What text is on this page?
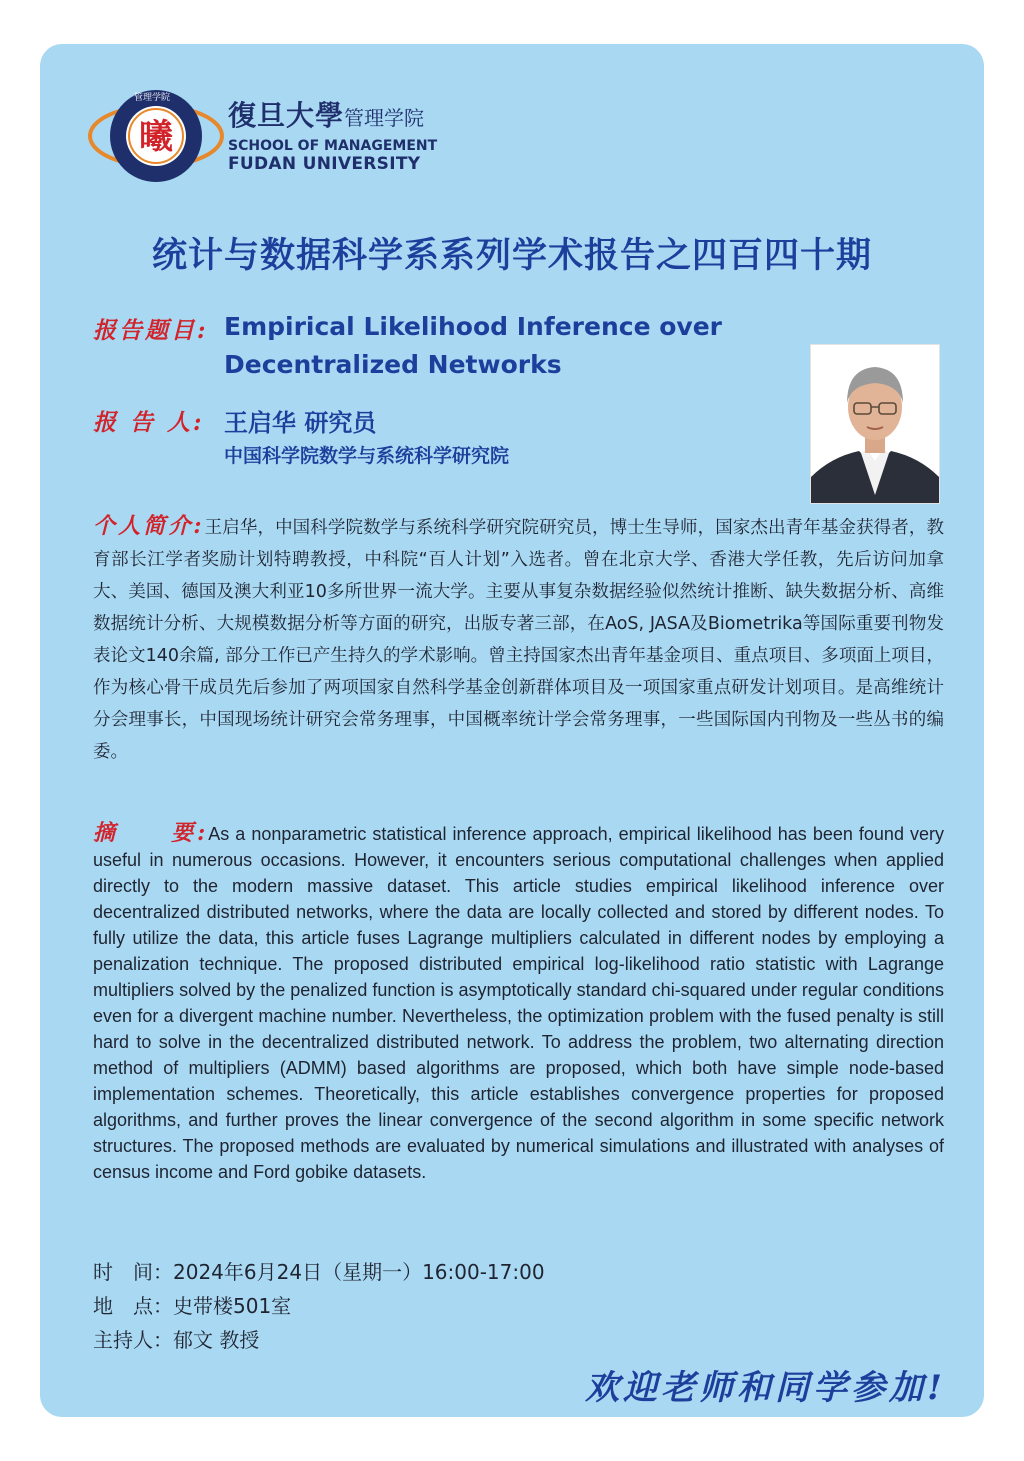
曦
管理学院
復旦大學管理学院
SCHOOL OF MANAGEMENT
FUDAN UNIVERSITY
统计与数据科学系系列学术报告之四百四十期
报告题目: Empirical Likelihood Inference over Decentralized Networks
报 告 人: 王启华 研究员
中国科学院数学与系统科学研究院
个人简介:王启华，中国科学院数学与系统科学研究院研究员，博士生导师，国家杰出青年基金获得者，教育部长江学者奖励计划特聘教授，中科院“百人计划”入选者。曾在北京大学、香港大学任教，先后访问加拿大、美国、德国及澳大利亚10多所世界一流大学。主要从事复杂数据经验似然统计推断、缺失数据分析、高维数据统计分析、大规模数据分析等方面的研究，出版专著三部，在AoS, JASA及Biometrika等国际重要刊物发表论文140余篇, 部分工作已产生持久的学术影响。曾主持国家杰出青年基金项目、重点项目、多项面上项目，作为核心骨干成员先后参加了两项国家自然科学基金创新群体项目及一项国家重点研发计划项目。是高维统计分会理事长，中国现场统计研究会常务理事，中国概率统计学会常务理事，一些国际国内刊物及一些丛书的编委。
摘　　要:As a nonparametric statistical inference approach, empirical likelihood has been found very useful in numerous occasions. However, it encounters serious computational challenges when applied directly to the modern massive dataset. This article studies empirical likelihood inference over decentralized distributed networks, where the data are locally collected and stored by different nodes. To fully utilize the data, this article fuses Lagrange multipliers calculated in different nodes by employing a penalization technique. The proposed distributed empirical log-likelihood ratio statistic with Lagrange multipliers solved by the penalized function is asymptotically standard chi-squared under regular conditions even for a divergent machine number. Nevertheless, the optimization problem with the fused penalty is still hard to solve in the decentralized distributed network. To address the problem, two alternating direction method of multipliers (ADMM) based algorithms are proposed, which both have simple node-based implementation schemes. Theoretically, this article establishes convergence properties for proposed algorithms, and further proves the linear convergence of the second algorithm in some specific network structures. The proposed methods are evaluated by numerical simulations and illustrated with analyses of census income and Ford gobike datasets.
时　间：2024年6月24日（星期一）16:00-17:00
地　点：史带楼501室
主持人：郁文 教授
欢迎老师和同学参加!
